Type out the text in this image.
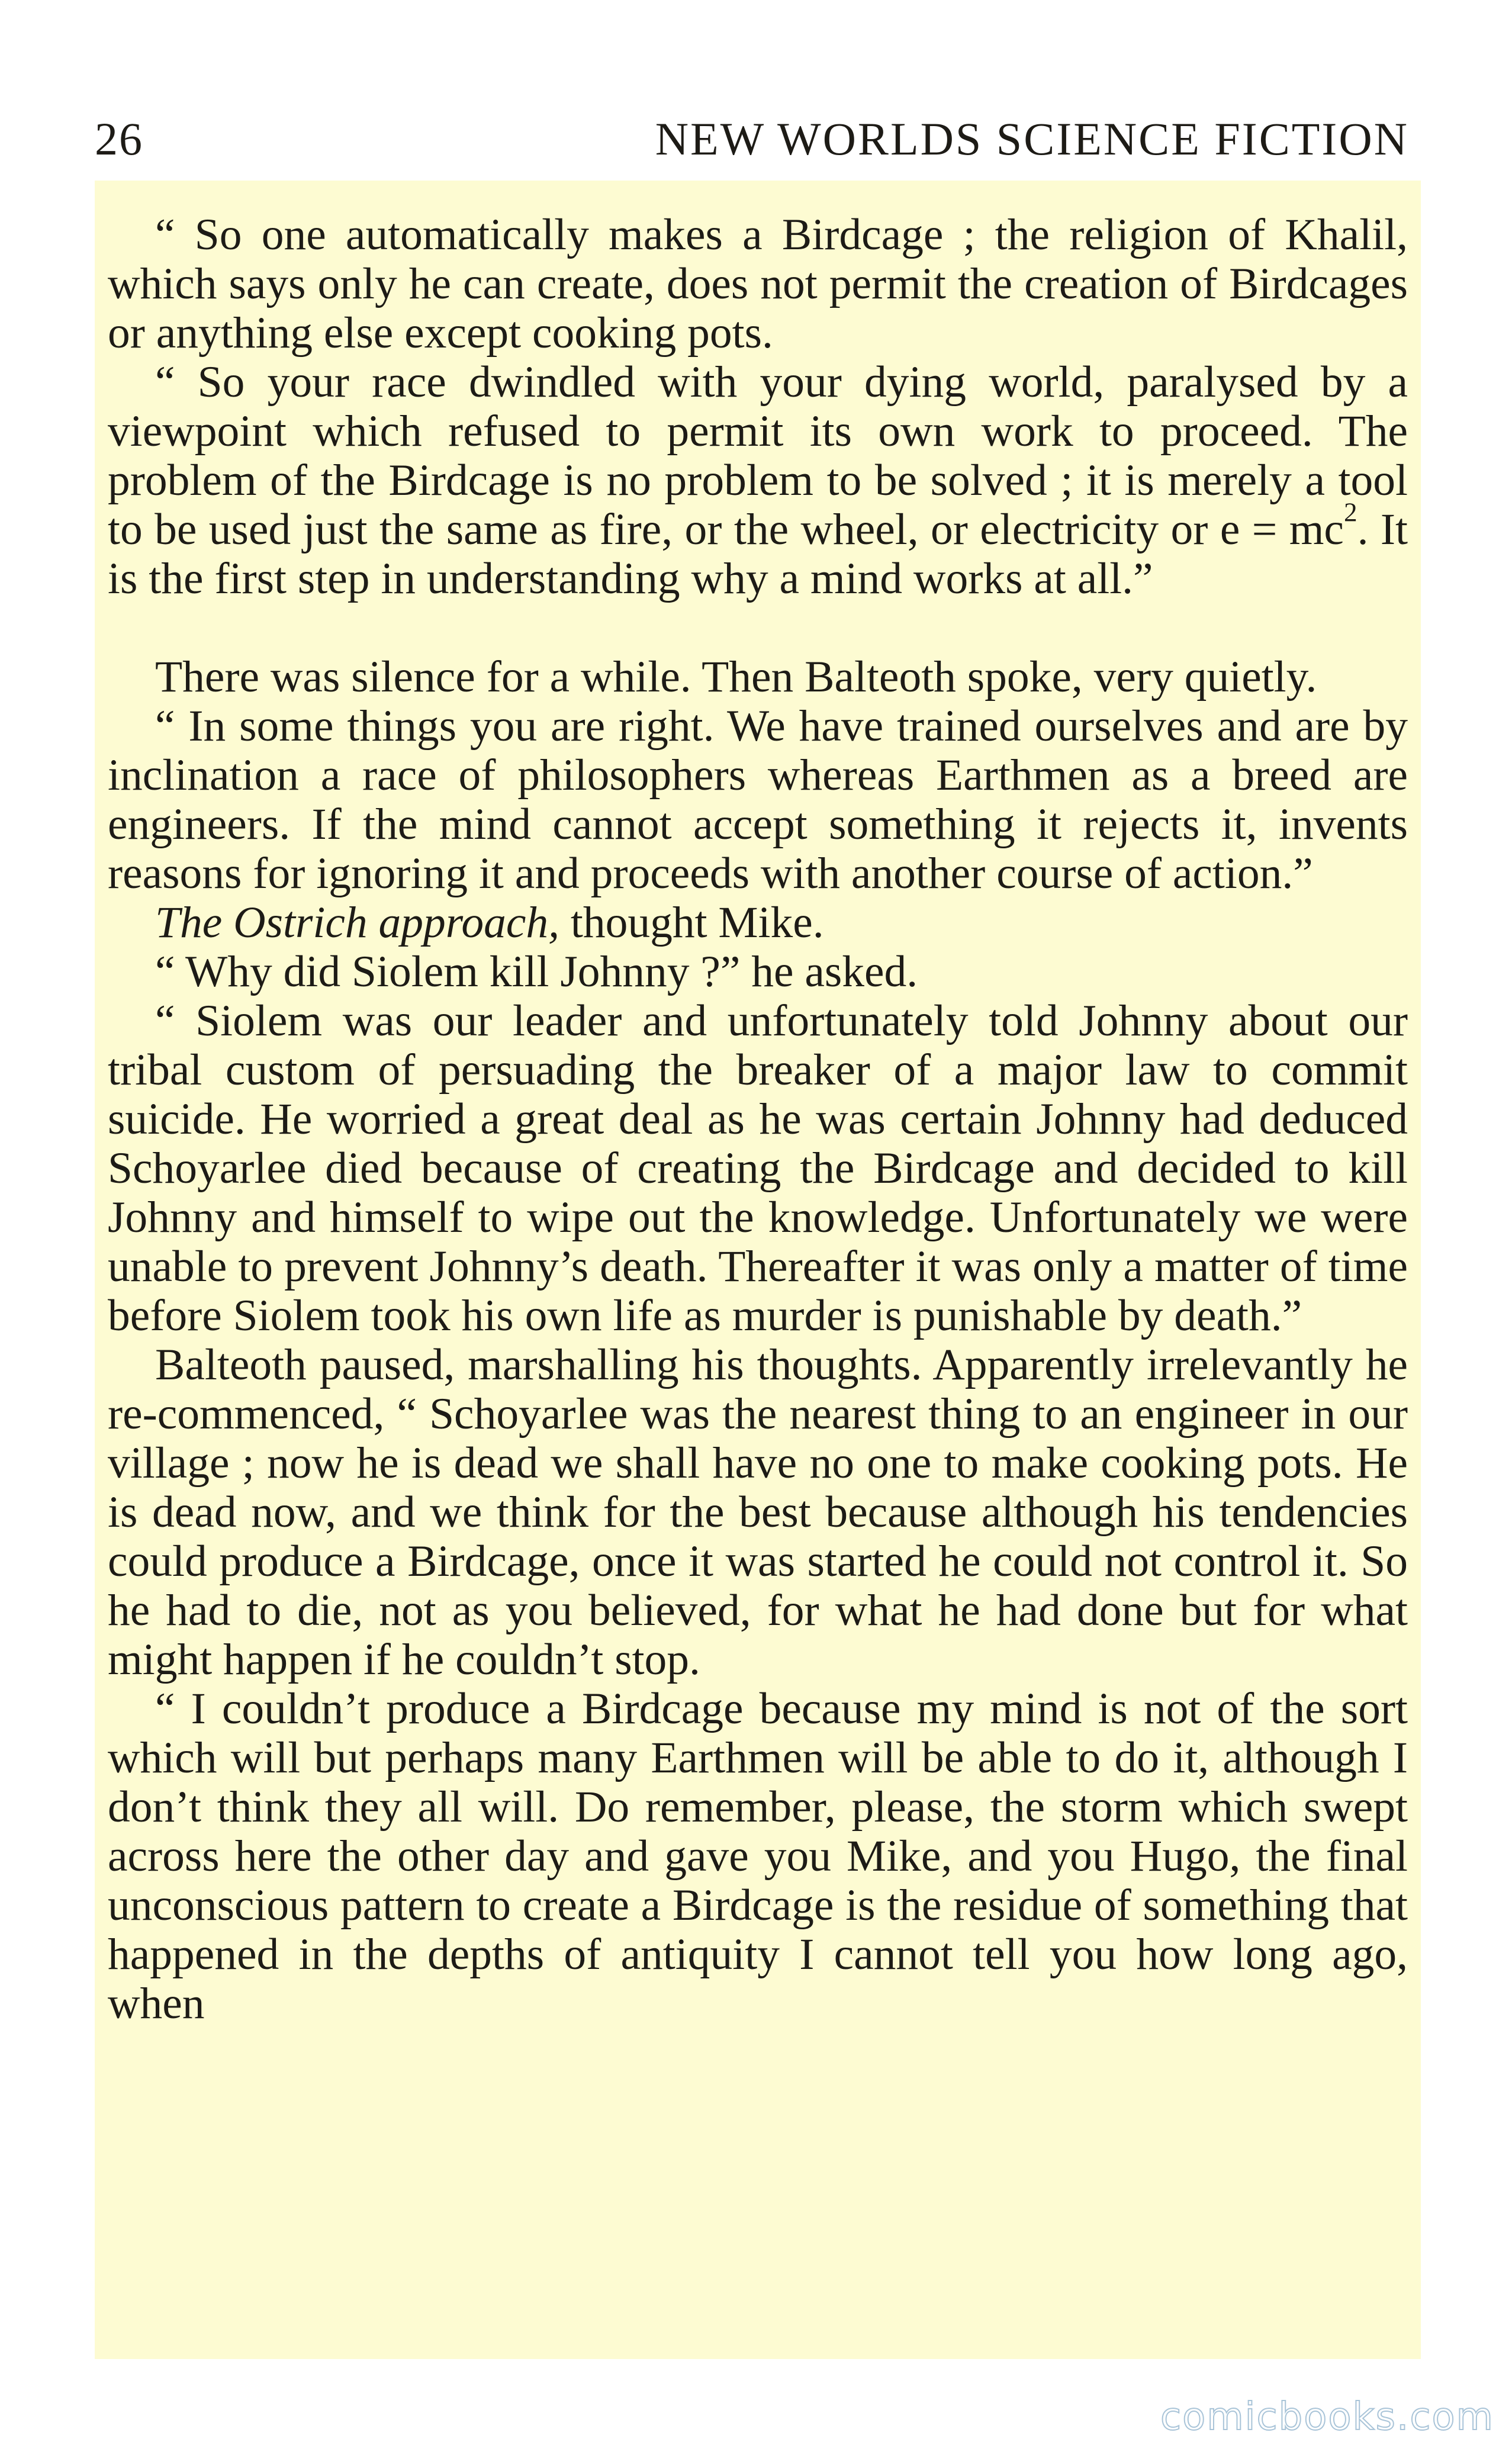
26	NEW WORLDS SCIENCE FICTION

“ So one automatically makes a Birdcage ; the religion of Khalil, which says only he can create, does not permit the creation of Birdcages or anything else except cooking pots.

“ So your race dwindled with your dying world, paralysed by a viewpoint which refused to permit its own work to proceed. The problem of the Birdcage is no problem to be solved ; it is merely a tool to be used just the same as fire, or the wheel, or electricity or $e = mc^2$. It is the first step in understanding why a mind works at all.”

There was silence for a while. Then Balteoth spoke, very quietly.

“ In some things you are right. We have trained ourselves and are by inclination a race of philosophers whereas Earthmen as a breed are engineers. If the mind cannot accept something it rejects it, invents reasons for ignoring it and proceeds with another course of action.”

The Ostrich approach, thought Mike.

“ Why did Siolem kill Johnny ?” he asked.

“ Siolem was our leader and unfortunately told Johnny about our tribal custom of persuading the breaker of a major law to commit suicide. He worried a great deal as he was certain Johnny had deduced Schoyarlee died because of creating the Birdcage and decided to kill Johnny and himself to wipe out the knowledge. Unfortunately we were unable to prevent Johnny’s death. Thereafter it was only a matter of time before Siolem took his own life as murder is punishable by death.”

Balteoth paused, marshalling his thoughts. Apparently irrelevantly he re-commenced, “ Schoyarlee was the nearest thing to an engineer in our village ; now he is dead we shall have no one to make cooking pots. He is dead now, and we think for the best because although his tendencies could produce a Birdcage, once it was started he could not control it. So he had to die, not as you believed, for what he had done but for what might happen if he couldn’t stop.

“ I couldn’t produce a Birdcage because my mind is not of the sort which will but perhaps many Earthmen will be able to do it, although I don’t think they all will. Do remember, please, the storm which swept across here the other day and gave you Mike, and you Hugo, the final unconscious pattern to create a Birdcage is the residue of something that happened in the depths of antiquity I cannot tell you how long ago, when

comicbooks.com
